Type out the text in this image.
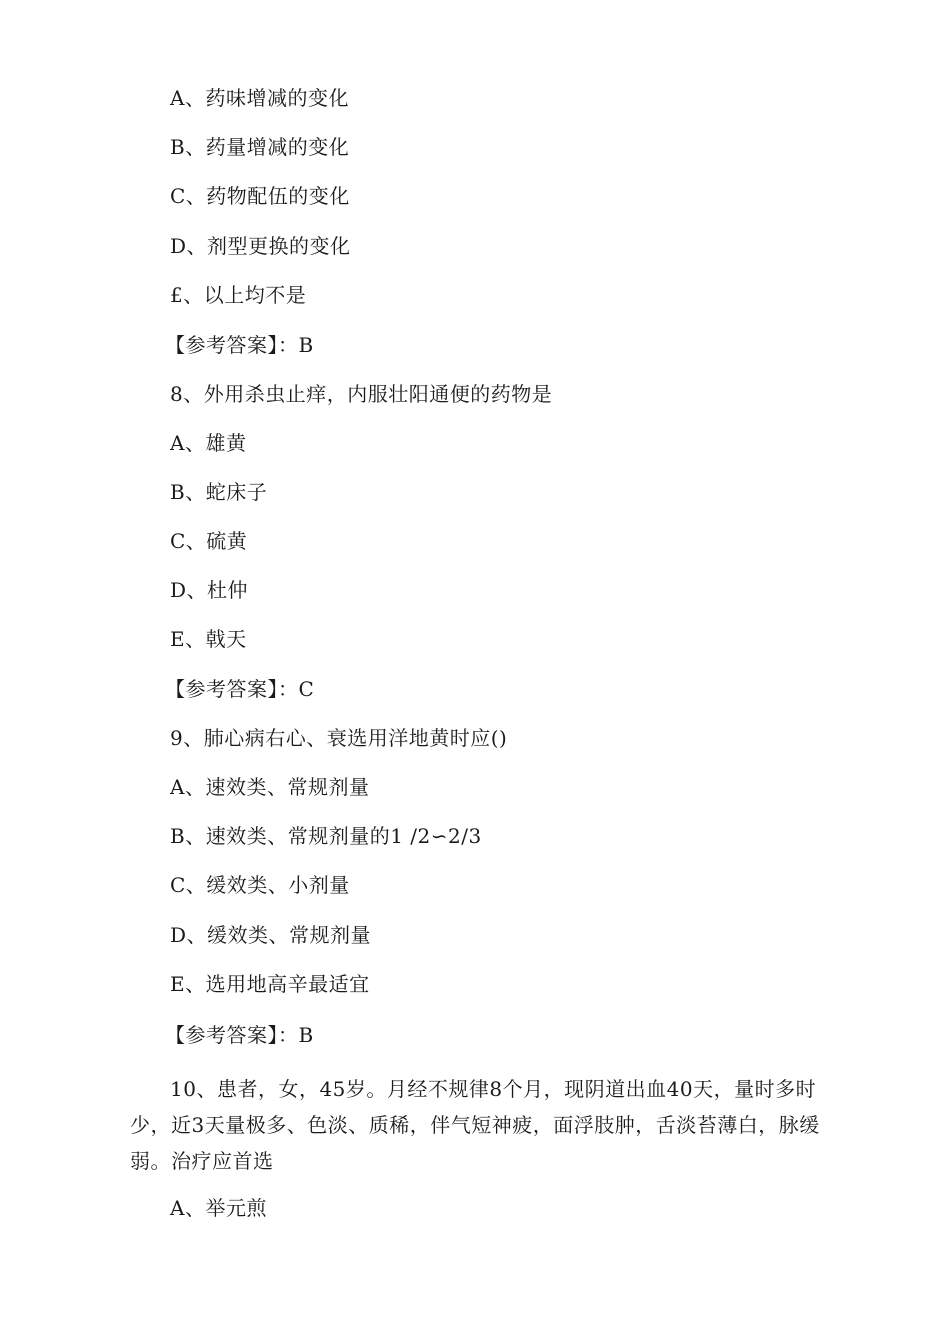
A、药味增减的变化
B、药量增减的变化
C、药物配伍的变化
D、剂型更换的变化
£、以上均不是
【参考答案】：B
8、外用杀虫止痒，内服壮阳通便的药物是
A、雄黄
B、蛇床子
C、硫黄
D、杜仲
E、戟天
【参考答案】：C
9、肺心病右心、衰选用洋地黄时应()
A、速效类、常规剂量
B、速效类、常规剂量的1 /2∽2/3
C、缓效类、小剂量
D、缓效类、常规剂量
E、选用地高辛最适宜
【参考答案】：B

10、患者，女，45岁。月经不规律8个月，现阴道出血40天，量时多时少，近3天量极多、色淡、质稀，伴气短神疲，面浮肢肿，舌淡苔薄白，脉缓弱。治疗应首选

A、举元煎
